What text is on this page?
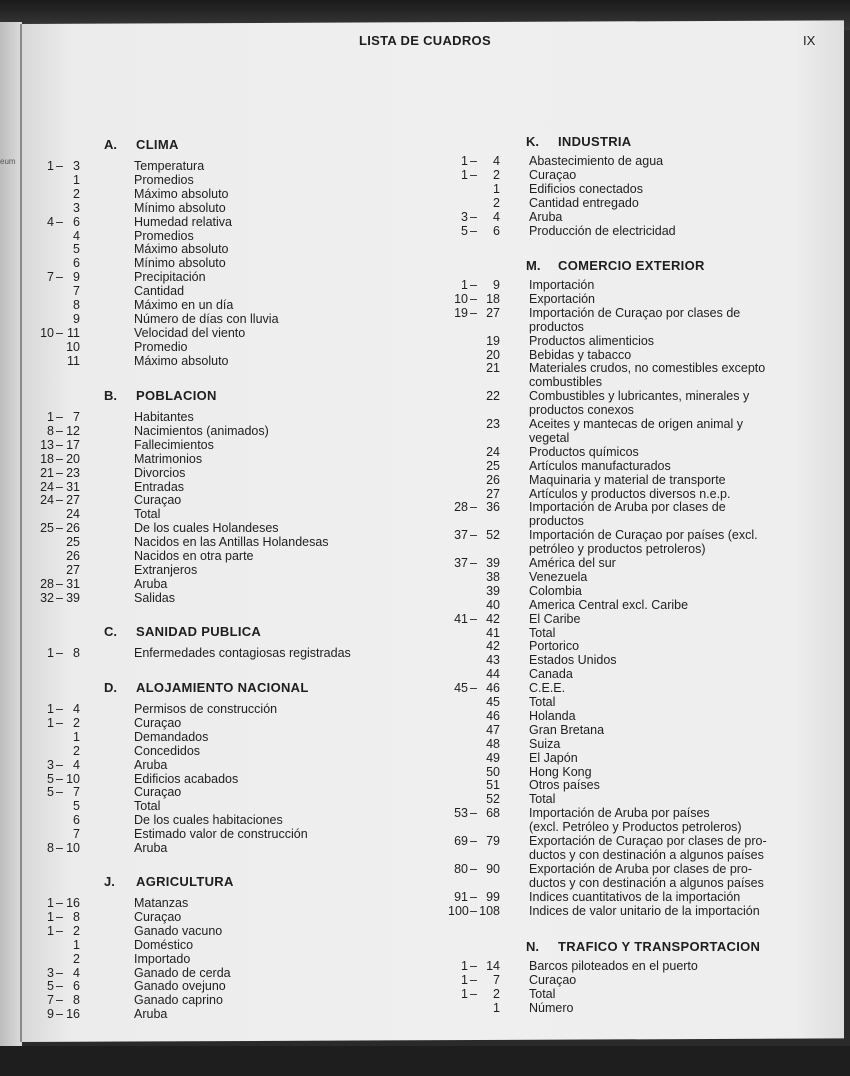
eum
LISTA DE CUADROS	IX
A. CLIMA
1 – 3	Temperatura
1	Promedios
2	Máximo absoluto
3	Mínimo absoluto
4 – 6	Humedad relativa
4	Promedios
5	Máximo absoluto
6	Mínimo absoluto
7 – 9	Precipitación
7	Cantidad
8	Máximo en un día
9	Número de días con lluvia
10 – 11	Velocidad del viento
10	Promedio
11	Máximo absoluto
B. POBLACION
1 – 7	Habitantes
8 – 12	Nacimientos (animados)
13 – 17	Fallecimientos
18 – 20	Matrimonios
21 – 23	Divorcios
24 – 31	Entradas
24 – 27	Curaçao
24	Total
25 – 26	De los cuales Holandeses
25	Nacidos en las Antillas Holandesas
26	Nacidos en otra parte
27	Extranjeros
28 – 31	Aruba
32 – 39	Salidas
C. SANIDAD PUBLICA
1 – 8	Enfermedades contagiosas registradas
D. ALOJAMIENTO NACIONAL
1 – 4	Permisos de construcción
1 – 2	Curaçao
1	Demandados
2	Concedidos
3 – 4	Aruba
5 – 10	Edificios acabados
5 – 7	Curaçao
5	Total
6	De los cuales habitaciones
7	Estimado valor de construcción
8 – 10	Aruba
J. AGRICULTURA
1 – 16	Matanzas
1 – 8	Curaçao
1 – 2	Ganado vacuno
1	Doméstico
2	Importado
3 – 4	Ganado de cerda
5 – 6	Ganado ovejuno
7 – 8	Ganado caprino
9 – 16	Aruba
K. INDUSTRIA
1 –	4 Abastecimiento de agua
1 –	2 Curaçao
1 Edificios conectados
2 Cantidad entregado
3 –	4 Aruba
5 –	6 Producción de electricidad
M. COMERCIO EXTERIOR
1 –	9 Importación
10 – 18 Exportación
19 – 27 Importación de Curaçao por clases de
productos
19 Productos alimenticios
20 Bebidas y tabacco
21 Materiales crudos, no comestibles excepto
combustibles
22 Combustibles y lubricantes, minerales y
productos conexos
23 Aceites y mantecas de origen animal y
vegetal
24 Productos químicos
25 Artículos manufacturados
26 Maquinaria y material de transporte
27 Artículos y productos diversos n.e.p.
28 – 36 Importación de Aruba por clases de
productos
37 – 52 Importación de Curaçao por países (excl.
petróleo y productos petroleros)
37 – 39 América del sur
38 Venezuela
39 Colombia
40 America Central excl. Caribe
41 – 42 El Caribe
41 Total
42 Portorico
43 Estados Unidos
44 Canada
45 – 46 C.E.E.
45 Total
46 Holanda
47 Gran Bretana
48 Suiza
49 El Japón
50 Hong Kong
51 Otros países
52 Total
53 – 68 Importación de Aruba por países
(excl. Petróleo y Productos petroleros)
69 – 79 Exportación de Curaçao por clases de pro-
ductos y con destinación a algunos países
80 – 90 Exportación de Aruba por clases de pro-
ductos y con destinación a algunos países
91 – 99 Indices cuantitativos de la importación
100 – 108 Indices de valor unitario de la importación
N. TRAFICO Y TRANSPORTACION
1 – 14 Barcos piloteados en el puerto
1 –	7 Curaçao
1 –	2 Total
1 Número
